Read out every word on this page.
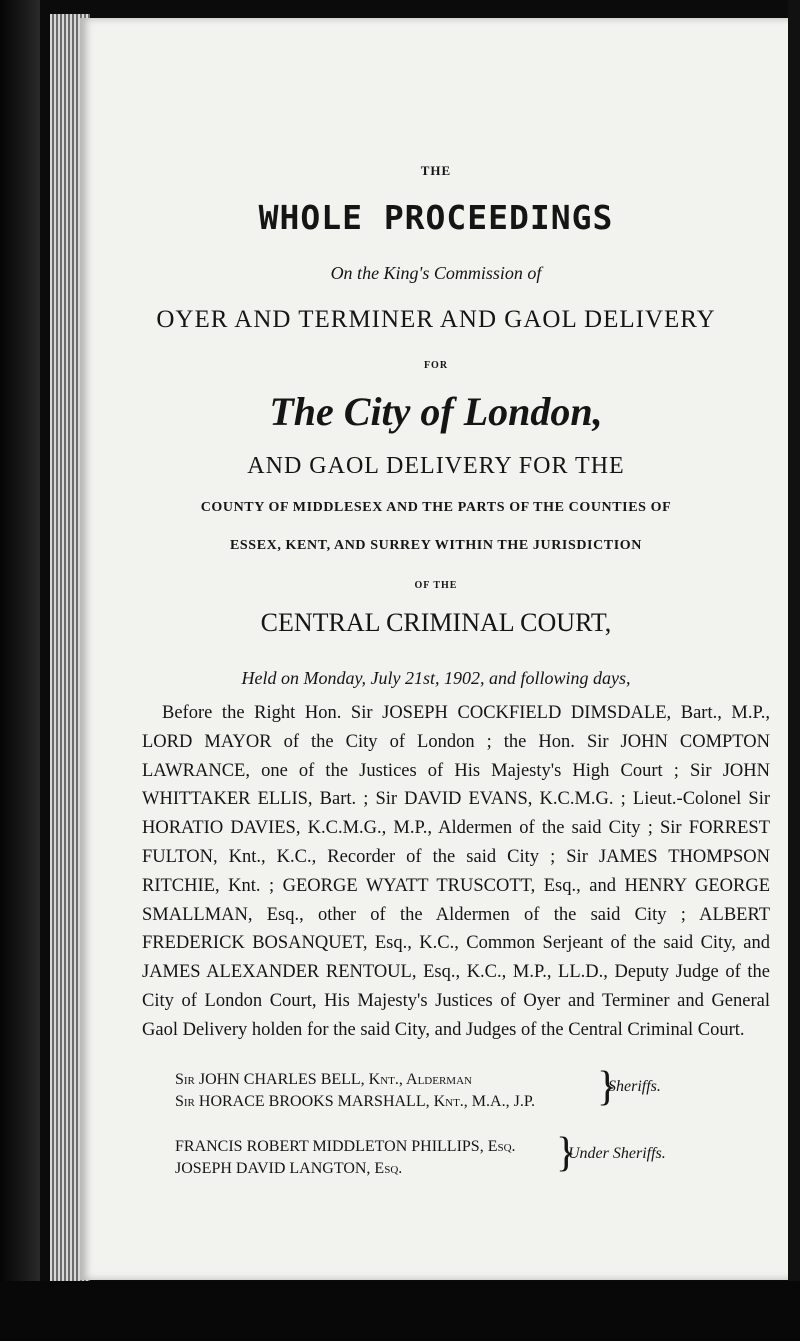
THE
WHOLE PROCEEDINGS
On the King's Commission of
OYER AND TERMINER AND GAOL DELIVERY
FOR
The City of London,
AND GAOL DELIVERY FOR THE
COUNTY OF MIDDLESEX AND THE PARTS OF THE COUNTIES OF
ESSEX, KENT, AND SURREY WITHIN THE JURISDICTION
OF THE
CENTRAL CRIMINAL COURT,
Held on Monday, July 21st, 1902, and following days,

Before the Right Hon. Sir JOSEPH COCKFIELD DIMSDALE, Bart., M.P., LORD MAYOR of the City of London ; the Hon. Sir JOHN COMPTON LAWRANCE, one of the Justices of His Majesty's High Court ; Sir JOHN WHITTAKER ELLIS, Bart. ; Sir DAVID EVANS, K.C.M.G. ; Lieut.-Colonel Sir HORATIO DAVIES, K.C.M.G., M.P., Aldermen of the said City ; Sir FORREST FULTON, Knt., K.C., Recorder of the said City ; Sir JAMES THOMPSON RITCHIE, Knt. ; GEORGE WYATT TRUSCOTT, Esq., and HENRY GEORGE SMALLMAN, Esq., other of the Aldermen of the said City ; ALBERT FREDERICK BOSANQUET, Esq., K.C., Common Serjeant of the said City, and JAMES ALEXANDER RENTOUL, Esq., K.C., M.P., LL.D., Deputy Judge of the City of London Court, His Majesty's Justices of Oyer and Terminer and General Gaol Delivery holden for the said City, and Judges of the Central Criminal Court.

Sir JOHN CHARLES BELL, Knt., Alderman
Sir HORACE BROOKS MARSHALL, Knt., M.A., J.P. }
Sheriffs.
FRANCIS ROBERT MIDDLETON PHILLIPS, Esq.
JOSEPH DAVID LANGTON, Esq.	}
Under Sheriffs.
